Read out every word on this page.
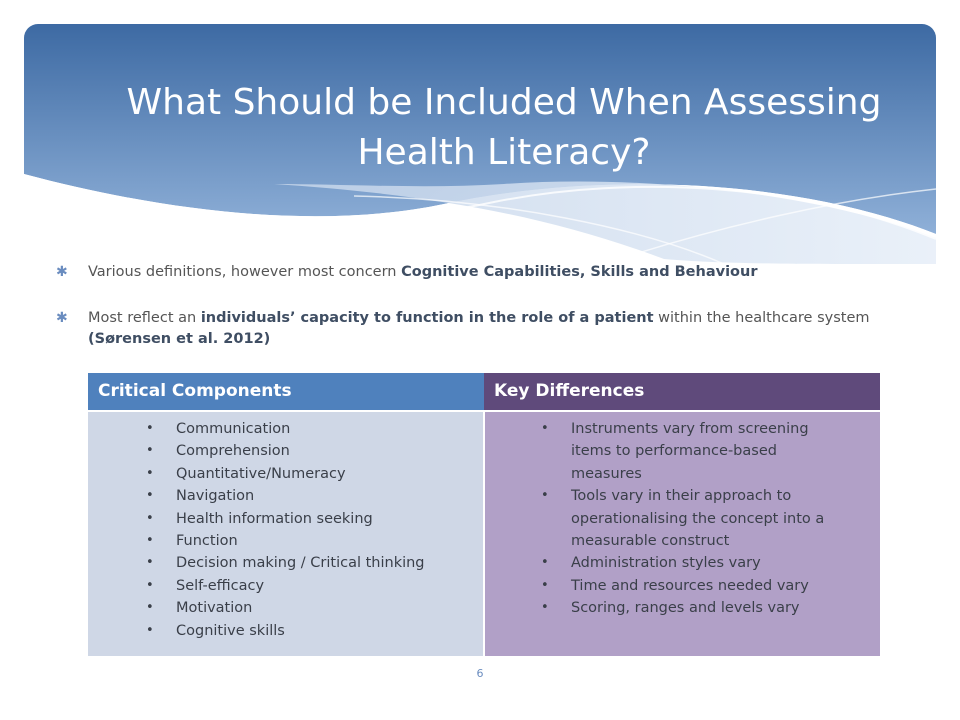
What Should be Included When Assessing Health Literacy?
✱ Various definitions, however most concern Cognitive Capabilities, Skills and Behaviour
✱ Most reflect an individuals’ capacity to function in the role of a patient within the healthcare system (Sørensen et al. 2012)
Critical Components	Key Differences
• Communication
• Comprehension
• Quantitative/Numeracy
• Navigation
• Health information seeking
• Function
• Decision making / Critical thinking
• Self-efficacy
• Motivation
• Cognitive skills
• Instruments vary from screening items to performance-based measures
• Tools vary in their approach to operationalising the concept into a measurable construct
• Administration styles vary
• Time and resources needed vary
• Scoring, ranges and levels vary
6
